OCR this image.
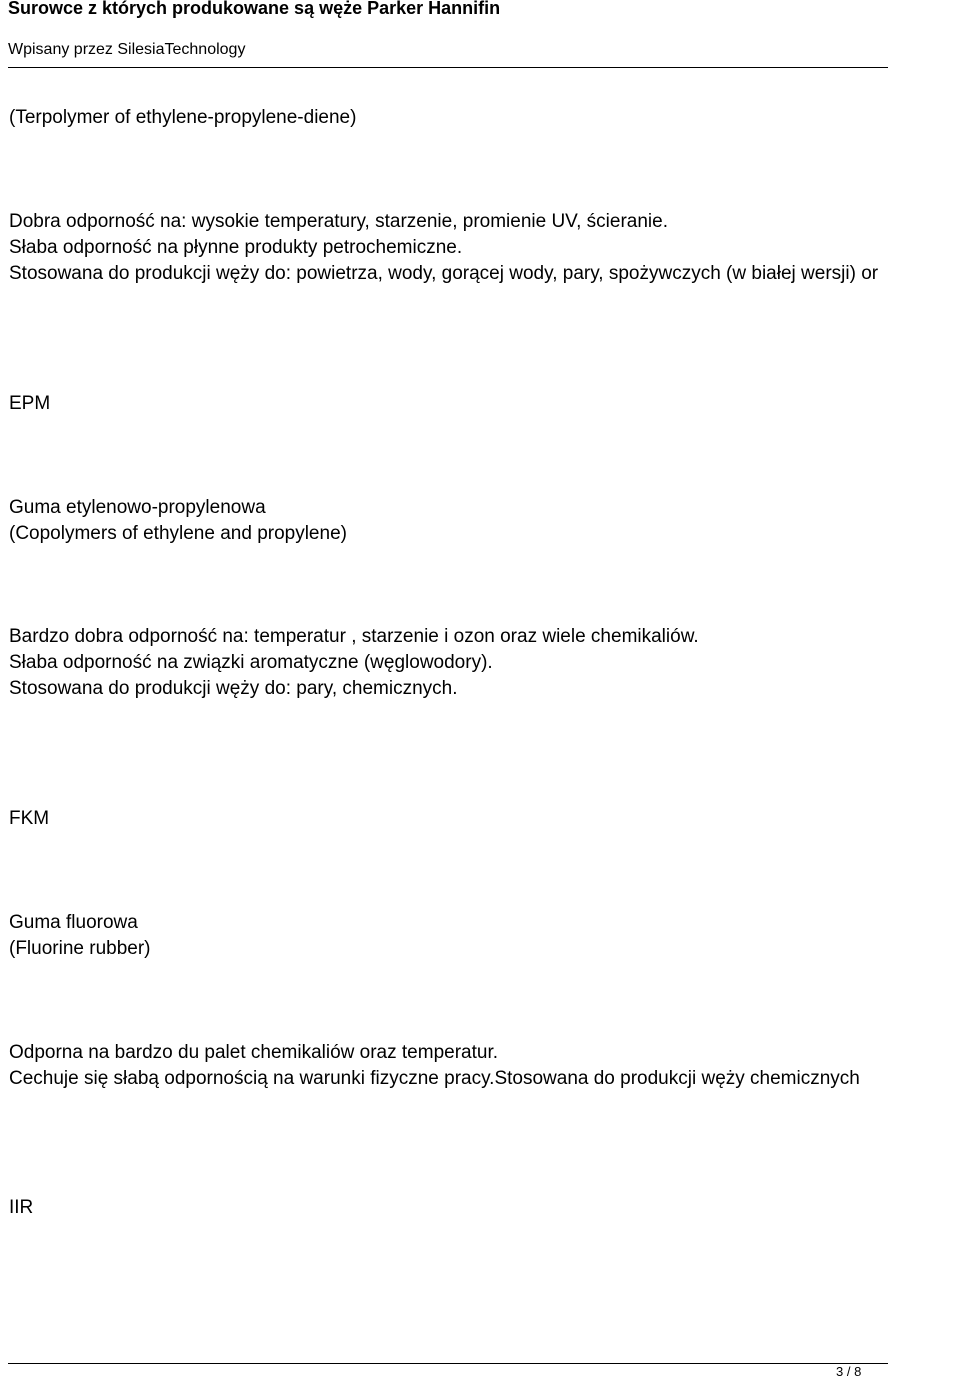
Surowce z których produkowane są węże Parker Hannifin
Wpisany przez SilesiaTechnology
(Terpolymer of ethylene-propylene-diene)
Dobra odporność na: wysokie temperatury, starzenie, promienie UV, ścieranie.
Słaba odporność na płynne produkty petrochemiczne.
Stosowana do produkcji węży do: powietrza, wody, gorącej wody, pary, spożywczych (w białej wersji) or
EPM
Guma etylenowo-propylenowa
(Copolymers of ethylene and propylene)
Bardzo dobra odporność na: temperatur , starzenie i ozon oraz wiele chemikaliów.
Słaba odporność na związki aromatyczne (węglowodory).
Stosowana do produkcji węży do: pary, chemicznych.
FKM
Guma fluorowa
(Fluorine rubber)
Odporna na bardzo du palet chemikaliów oraz temperatur.
Cechuje się słabą odpornością na warunki fizyczne pracy.Stosowana do produkcji węży chemicznych
IIR
3 / 8
